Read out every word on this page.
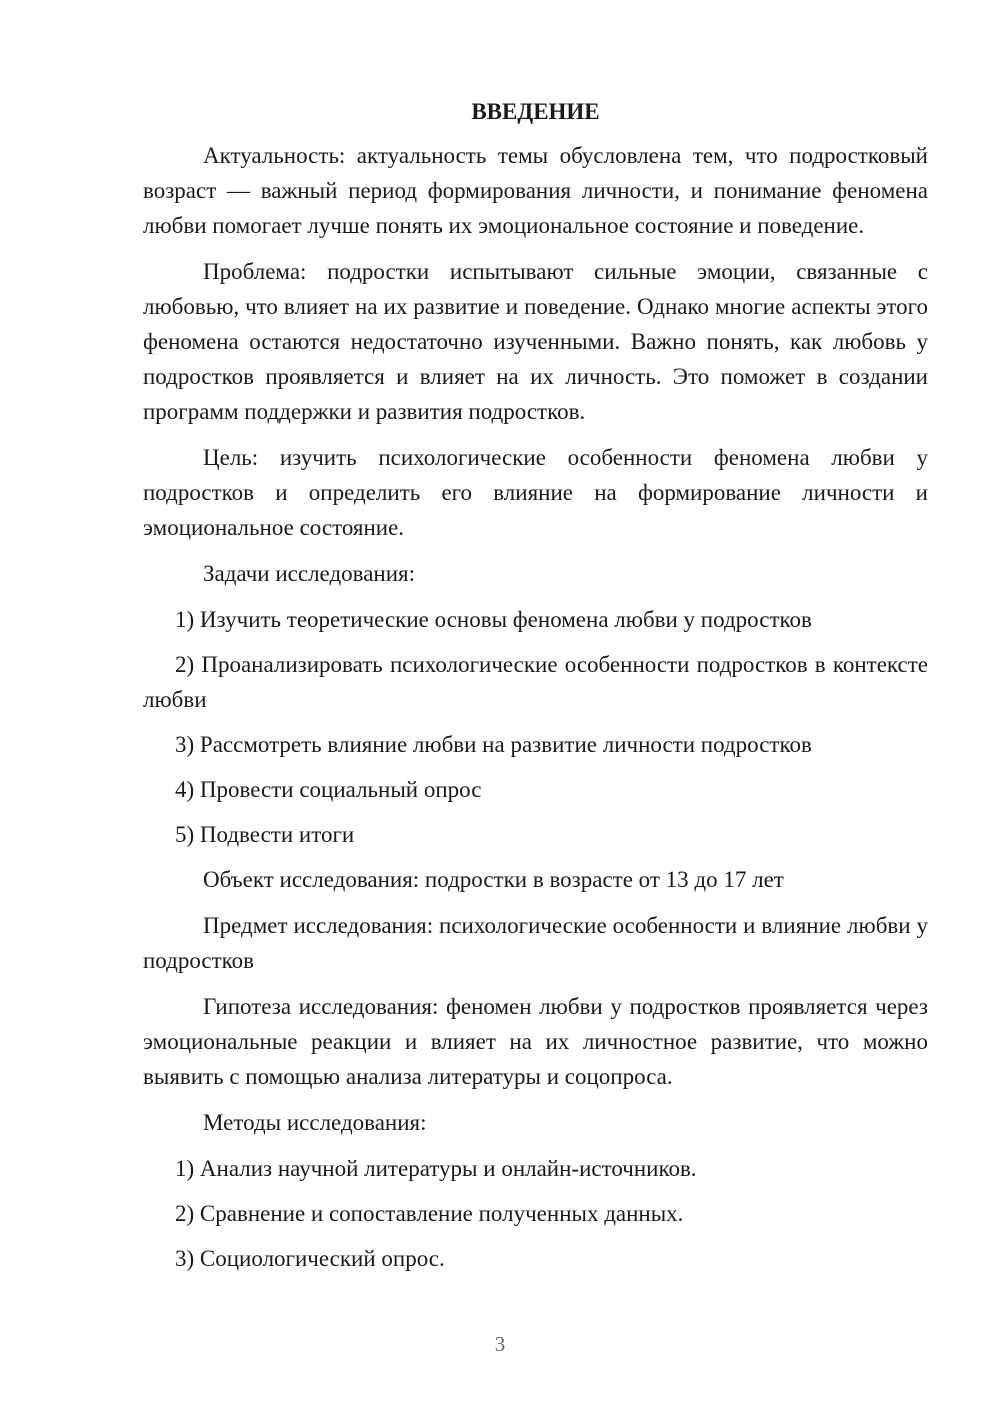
ВВЕДЕНИЕ

Актуальность: актуальность темы обусловлена тем, что подростковый возраст — важный период формирования личности, и понимание феномена любви помогает лучше понять их эмоциональное состояние и поведение.

Проблема: подростки испытывают сильные эмоции, связанные с любовью, что влияет на их развитие и поведение. Однако многие аспекты этого феномена остаются недостаточно изученными. Важно понять, как любовь у подростков проявляется и влияет на их личность. Это поможет в создании программ поддержки и развития подростков.

Цель: изучить психологические особенности феномена любви у подростков и определить его влияние на формирование личности и эмоциональное состояние.

Задачи исследования:

1) Изучить теоретические основы феномена любви у подростков

2) Проанализировать психологические особенности подростков в контексте любви

3) Рассмотреть влияние любви на развитие личности подростков

4) Провести социальный опрос

5) Подвести итоги

Объект исследования: подростки в возрасте от 13 до 17 лет

Предмет исследования: психологические особенности и влияние любви у подростков

Гипотеза исследования: феномен любви у подростков проявляется через эмоциональные реакции и влияет на их личностное развитие, что можно выявить с помощью анализа литературы и соцопроса.

Методы исследования:

1) Анализ научной литературы и онлайн-источников.

2) Сравнение и сопоставление полученных данных.

3) Социологический опрос.

3
